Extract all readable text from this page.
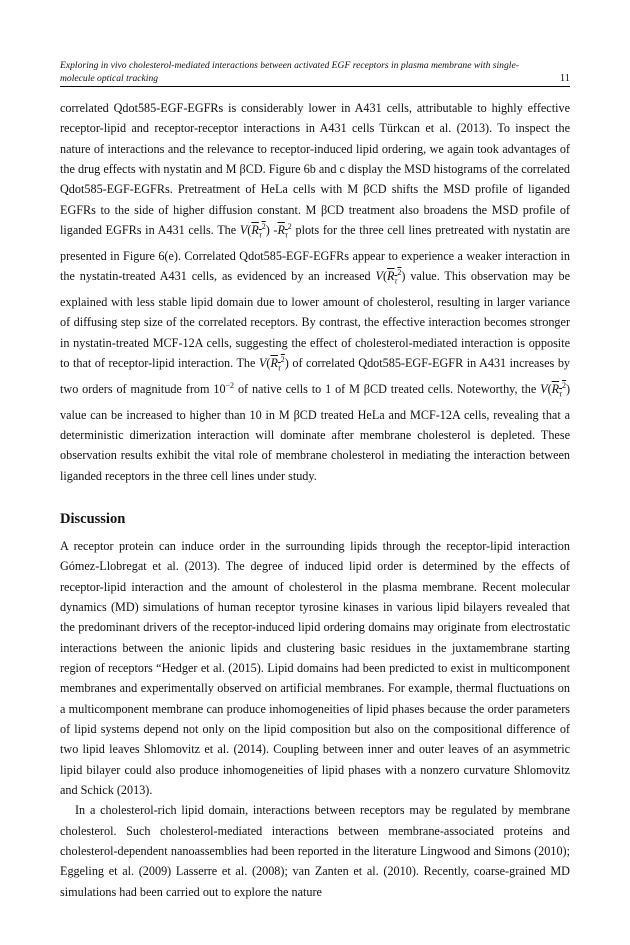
Exploring in vivo cholesterol-mediated interactions between activated EGF receptors in plasma membrane with single-molecule optical tracking	11

correlated Qdot585-EGF-EGFRs is considerably lower in A431 cells, attributable to highly effective receptor-lipid and receptor-receptor interactions in A431 cells Türkcan et al. (2013). To inspect the nature of interactions and the relevance to receptor-induced lipid ordering, we again took advantages of the drug effects with nystatin and M βCD. Figure 6b and c display the MSD histograms of the correlated Qdot585-EGF-EGFRs. Pretreatment of HeLa cells with M βCD shifts the MSD profile of liganded EGFRs to the side of higher diffusion constant. M βCD treatment also broadens the MSD profile of liganded EGFRs in A431 cells. The $V(R_\tau^2)$ $-R_\tau^2$ plots for the three cell lines pretreated with nystatin are presented in Figure 6(e). Correlated Qdot585-EGF-EGFRs appear to experience a weaker interaction in the nystatin-treated A431 cells, as evidenced by an increased $V(R_\tau^2)$ value. This observation may be explained with less stable lipid domain due to lower amount of cholesterol, resulting in larger variance of diffusing step size of the correlated receptors. By contrast, the effective interaction becomes stronger in nystatin-treated MCF-12A cells, suggesting the effect of cholesterol-mediated interaction is opposite to that of receptor-lipid interaction. The $V(R_\tau^2)$ of correlated Qdot585-EGF-EGFR in A431 increases by two orders of magnitude from $10^{-2}$ of native cells to 1 of M βCD treated cells. Noteworthy, the $V(R_\tau^2)$ value can be increased to higher than 10 in M βCD treated HeLa and MCF-12A cells, revealing that a deterministic dimerization interaction will dominate after membrane cholesterol is depleted. These observation results exhibit the vital role of membrane cholesterol in mediating the interaction between liganded receptors in the three cell lines under study.

Discussion

A receptor protein can induce order in the surrounding lipids through the receptor-lipid interaction Gómez-Llobregat et al. (2013). The degree of induced lipid order is determined by the effects of receptor-lipid interaction and the amount of cholesterol in the plasma membrane. Recent molecular dynamics (MD) simulations of human receptor tyrosine kinases in various lipid bilayers revealed that the predominant drivers of the receptor-induced lipid ordering domains may originate from electrostatic interactions between the anionic lipids and clustering basic residues in the juxtamembrane starting region of receptors “Hedger et al. (2015). Lipid domains had been predicted to exist in multicomponent membranes and experimentally observed on artificial membranes. For example, thermal fluctuations on a multicomponent membrane can produce inhomogeneities of lipid phases because the order parameters of lipid systems depend not only on the lipid composition but also on the compositional difference of two lipid leaves Shlomovitz et al. (2014). Coupling between inner and outer leaves of an asymmetric lipid bilayer could also produce inhomogeneities of lipid phases with a nonzero curvature Shlomovitz and Schick (2013).

In a cholesterol-rich lipid domain, interactions between receptors may be regulated by membrane cholesterol. Such cholesterol-mediated interactions between membrane-associated proteins and cholesterol-dependent nanoassemblies had been reported in the literature Lingwood and Simons (2010); Eggeling et al. (2009) Lasserre et al. (2008); van Zanten et al. (2010). Recently, coarse-grained MD simulations had been carried out to explore the nature
